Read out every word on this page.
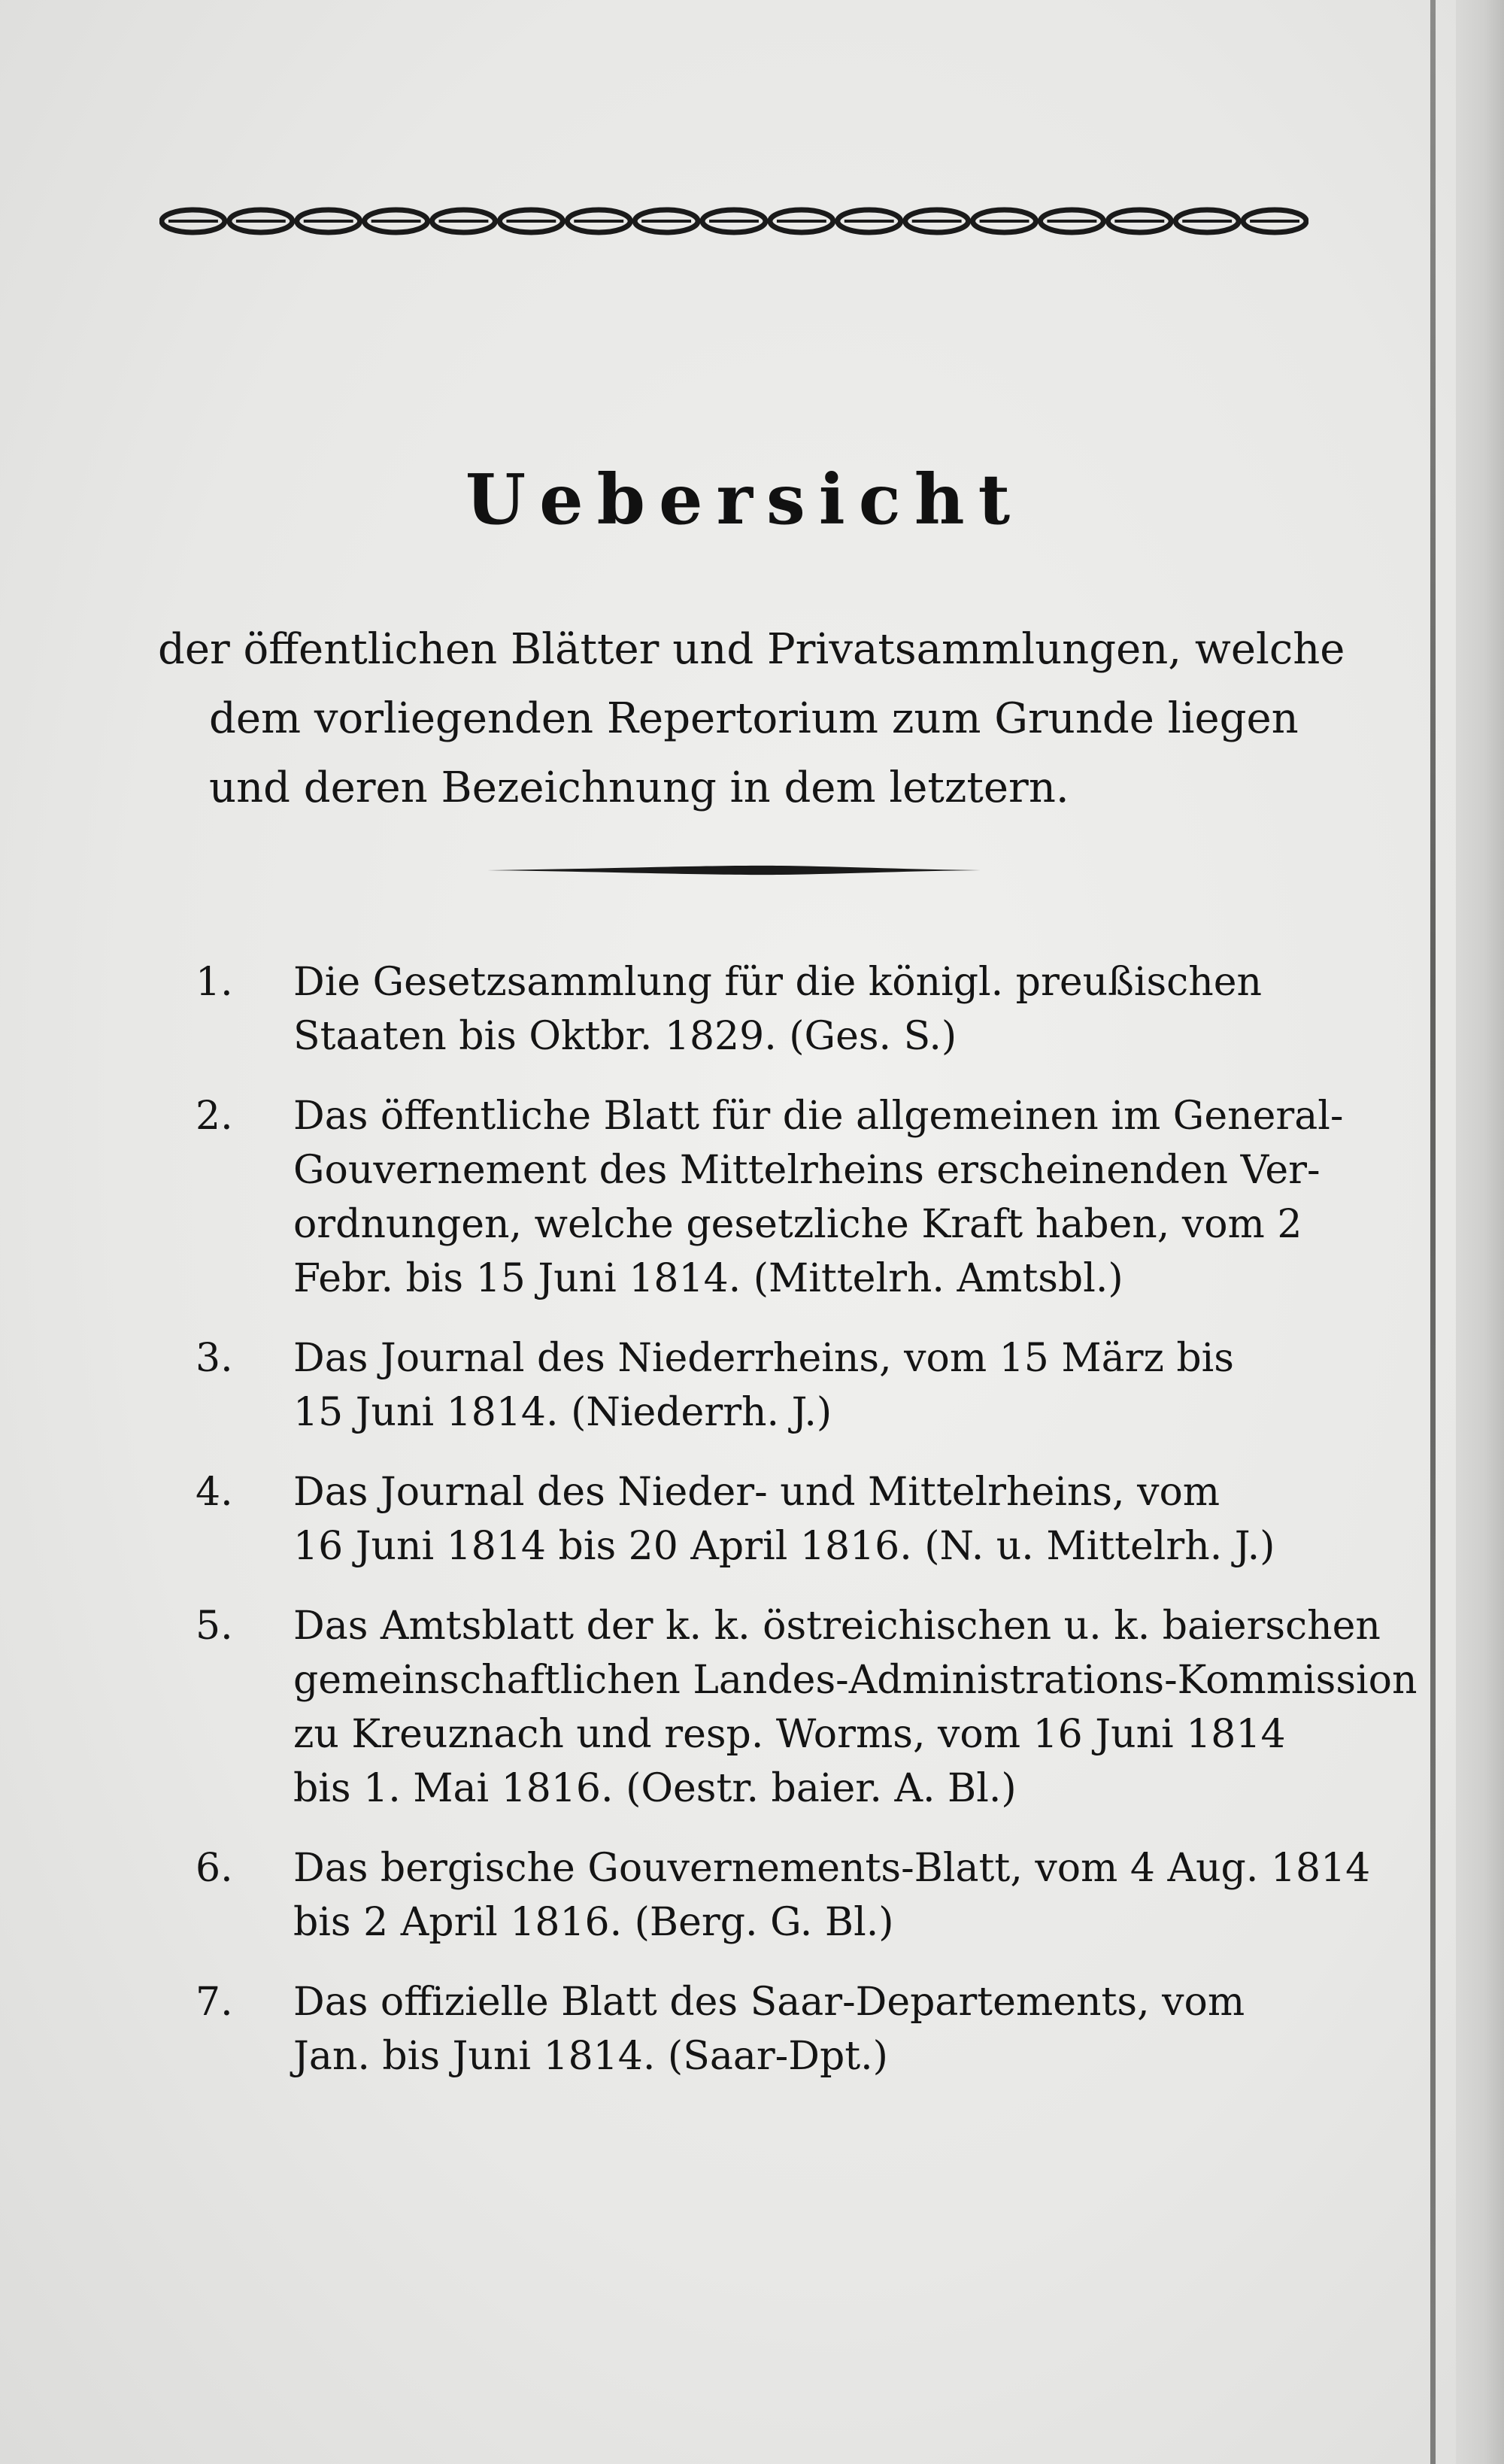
Uebersicht
der öffentlichen Blätter und Privatsammlungen, welche
dem vorliegenden Repertorium zum Grunde liegen
und deren Bezeichnung in dem letztern.
1.	Die Gesetzsammlung für die königl. preußischen
Staaten bis Oktbr. 1829. (Ges. S.)
2.	Das öffentliche Blatt für die allgemeinen im General-
Gouvernement des Mittelrheins erscheinenden Ver-
ordnungen, welche gesetzliche Kraft haben, vom 2
Febr. bis 15 Juni 1814. (Mittelrh. Amtsbl.)
3.	Das Journal des Niederrheins, vom 15 März bis
15 Juni 1814. (Niederrh. J.)
4.	Das Journal des Nieder- und Mittelrheins, vom
16 Juni 1814 bis 20 April 1816. (N. u. Mittelrh. J.)
5.	Das Amtsblatt der k. k. östreichischen u. k. baierschen
gemeinschaftlichen Landes-Administrations-Kommission
zu Kreuznach und resp. Worms, vom 16 Juni 1814
bis 1. Mai 1816. (Oestr. baier. A. Bl.)
6.	Das bergische Gouvernements-Blatt, vom 4 Aug. 1814
bis 2 April 1816. (Berg. G. Bl.)
7.	Das offizielle Blatt des Saar-Departements, vom
Jan. bis Juni 1814. (Saar-Dpt.)
